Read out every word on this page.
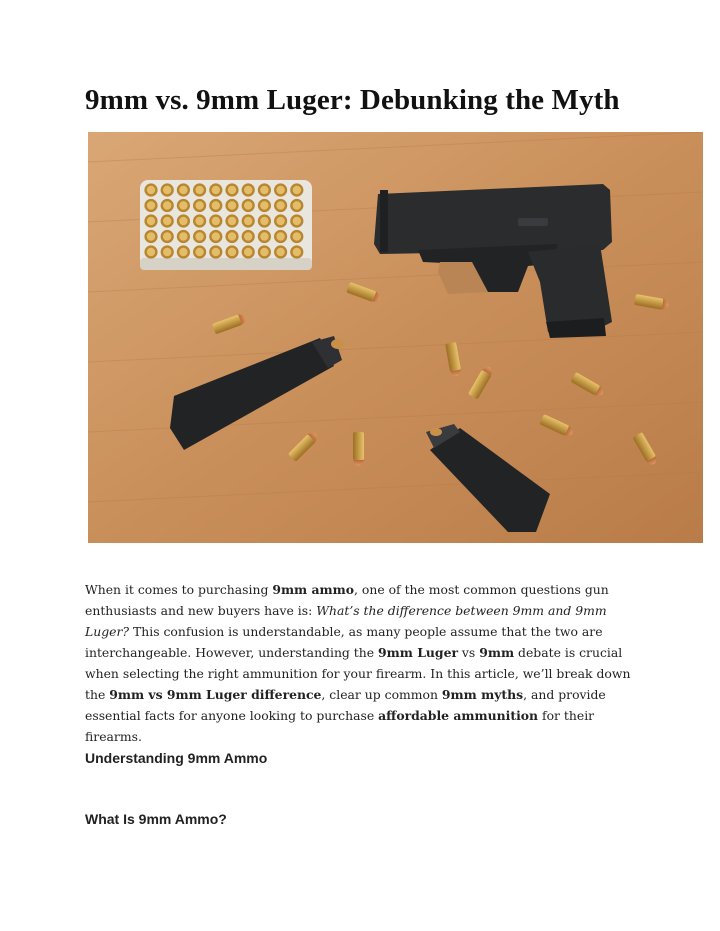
9mm vs. 9mm Luger: Debunking the Myth

When it comes to purchasing 9mm ammo, one of the most common questions gun enthusiasts and new buyers have is: What’s the difference between 9mm and 9mm Luger? This confusion is understandable, as many people assume that the two are interchangeable. However, understanding the 9mm Luger vs 9mm debate is crucial when selecting the right ammunition for your firearm. In this article, we’ll break down the 9mm vs 9mm Luger difference, clear up common 9mm myths, and provide essential facts for anyone looking to purchase affordable ammunition for their firearms.

Understanding 9mm Ammo
What Is 9mm Ammo?
